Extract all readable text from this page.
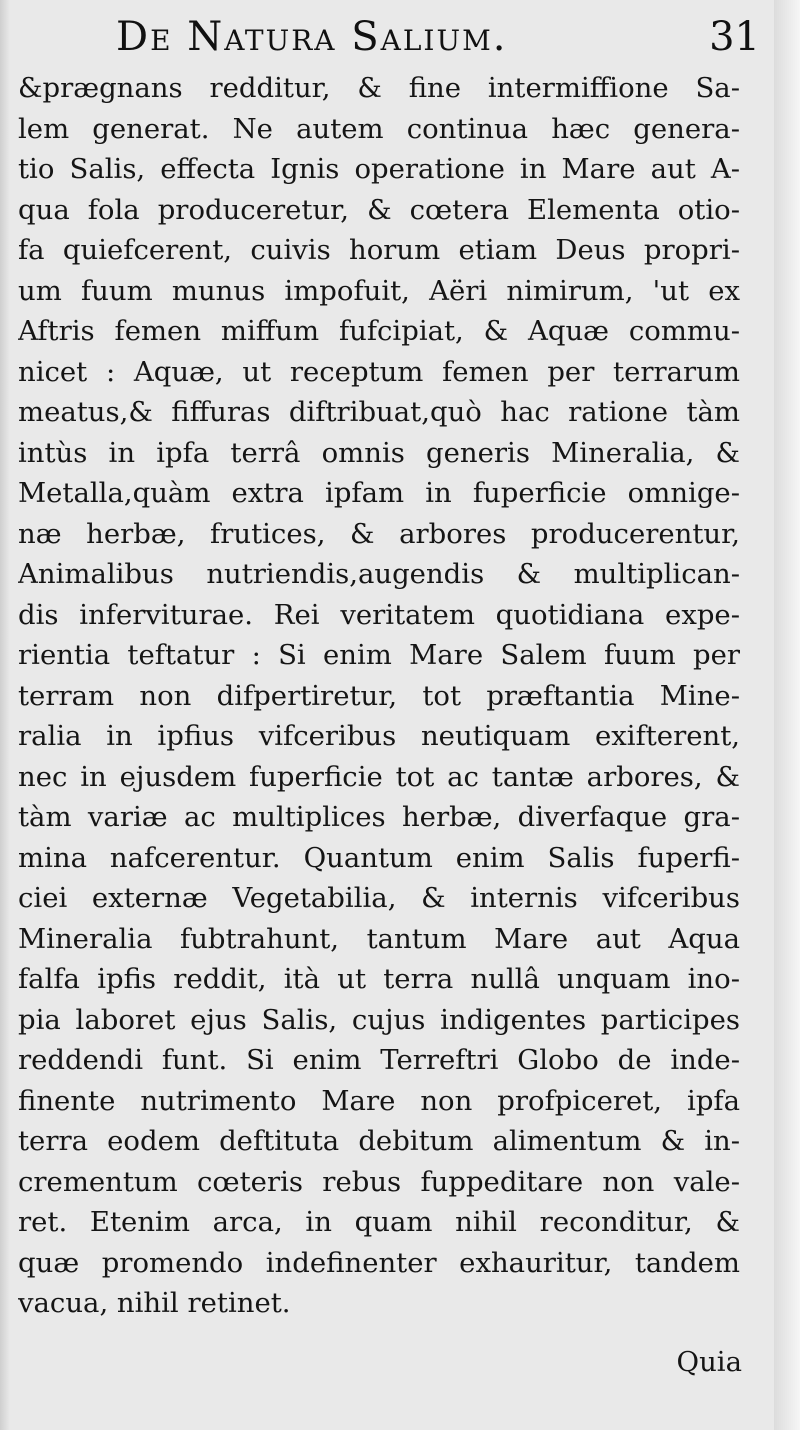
De Natura Salium.	31
&prægnans redditur, & fine intermiffione Sa-
lem generat. Ne autem continua hæc genera-
tio Salis, effecta Ignis operatione in Mare aut A-
qua fola produceretur, & cœtera Elementa otio-
fa quiefcerent, cuivis horum etiam Deus propri-
um fuum munus impofuit, Aëri nimirum, 'ut ex
Aftris femen miffum fufcipiat, & Aquæ commu-
nicet : Aquæ, ut receptum femen per terrarum
meatus,& fiffuras diftribuat,quò hac ratione tàm
intùs in ipfa terrâ omnis generis Mineralia, &
Metalla,quàm extra ipfam in fuperficie omnige-
næ herbæ, frutices, & arbores producerentur,
Animalibus nutriendis,augendis & multiplican-
dis inferviturae. Rei veritatem quotidiana expe-
rientia teftatur : Si enim Mare Salem fuum per
terram non difpertiretur, tot præftantia Mine-
ralia in ipfius vifceribus neutiquam exifterent,
nec in ejusdem fuperficie tot ac tantæ arbores, &
tàm variæ ac multiplices herbæ, diverfaque gra-
mina nafcerentur. Quantum enim Salis fuperfi-
ciei externæ Vegetabilia, & internis vifceribus
Mineralia fubtrahunt, tantum Mare aut Aqua
falfa ipfis reddit, ità ut terra nullâ unquam ino-
pia laboret ejus Salis, cujus indigentes participes
reddendi funt. Si enim Terreftri Globo de inde-
finente nutrimento Mare non profpiceret, ipfa
terra eodem deftituta debitum alimentum & in-
crementum cœteris rebus fuppeditare non vale-
ret. Etenim arca, in quam nihil reconditur, &
quæ promendo indefinenter exhauritur, tandem
vacua, nihil retinet.
Quia
